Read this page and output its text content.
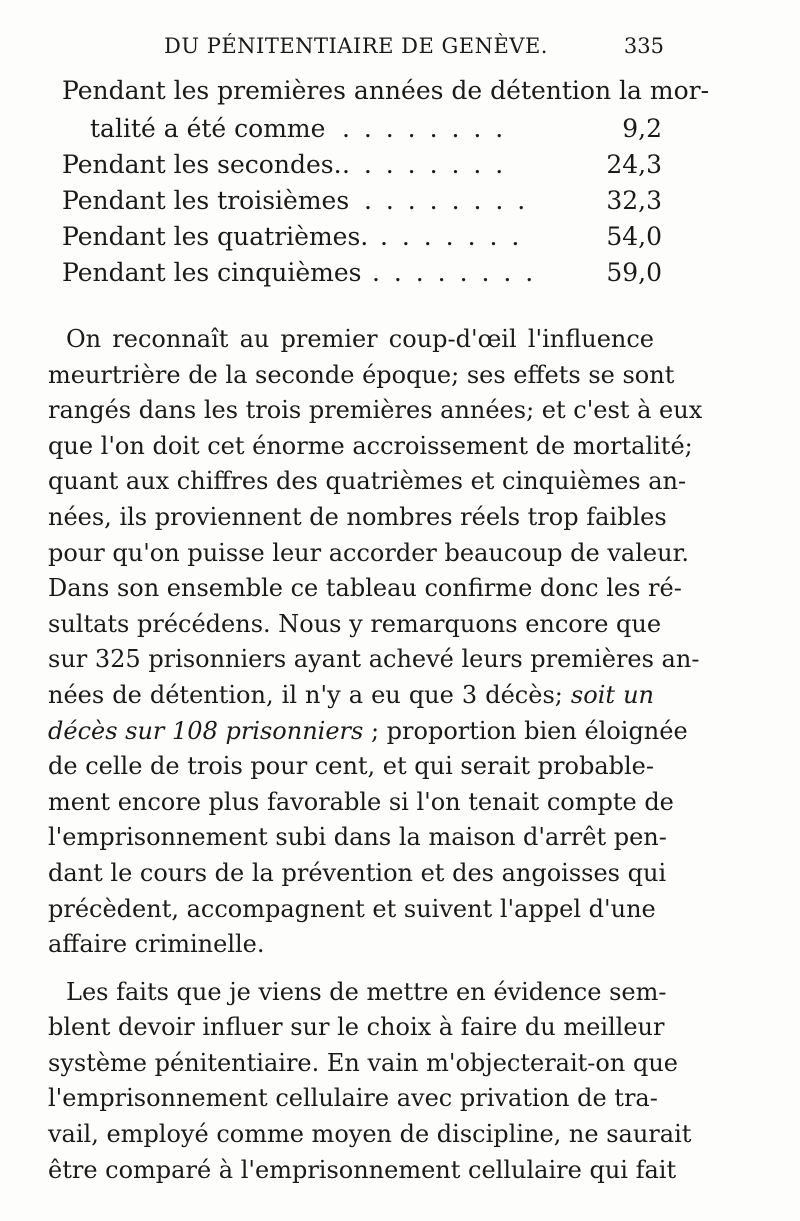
DU PÉNITENTIAIRE DE GENÈVE.	335
Pendant les premières années de détention la mor-
talité a été comme . . . . . . . .	9,2
Pendant les secondes. . . . . . . . .	24,3
Pendant les troisièmes . . . . . . . .	32,3
Pendant les quatrièmes. . . . . . . .	54,0
Pendant les cinquièmes . . . . . . . .	59,0
On reconnaît au premier coup-d'œil l'influence
meurtrière de la seconde époque; ses effets se sont
rangés dans les trois premières années; et c'est à eux
que l'on doit cet énorme accroissement de mortalité;
quant aux chiffres des quatrièmes et cinquièmes an-
nées, ils proviennent de nombres réels trop faibles
pour qu'on puisse leur accorder beaucoup de valeur.
Dans son ensemble ce tableau confirme donc les ré-
sultats précédens. Nous y remarquons encore que
sur 325 prisonniers ayant achevé leurs premières an-
nées de détention, il n'y a eu que 3 décès; soit un
décès sur 108 prisonniers ; proportion bien éloignée
de celle de trois pour cent, et qui serait probable-
ment encore plus favorable si l'on tenait compte de
l'emprisonnement subi dans la maison d'arrêt pen-
dant le cours de la prévention et des angoisses qui
précèdent, accompagnent et suivent l'appel d'une
affaire criminelle.
Les faits que je viens de mettre en évidence sem-
blent devoir influer sur le choix à faire du meilleur
système pénitentiaire. En vain m'objecterait-on que
l'emprisonnement cellulaire avec privation de tra-
vail, employé comme moyen de discipline, ne saurait
être comparé à l'emprisonnement cellulaire qui fait
